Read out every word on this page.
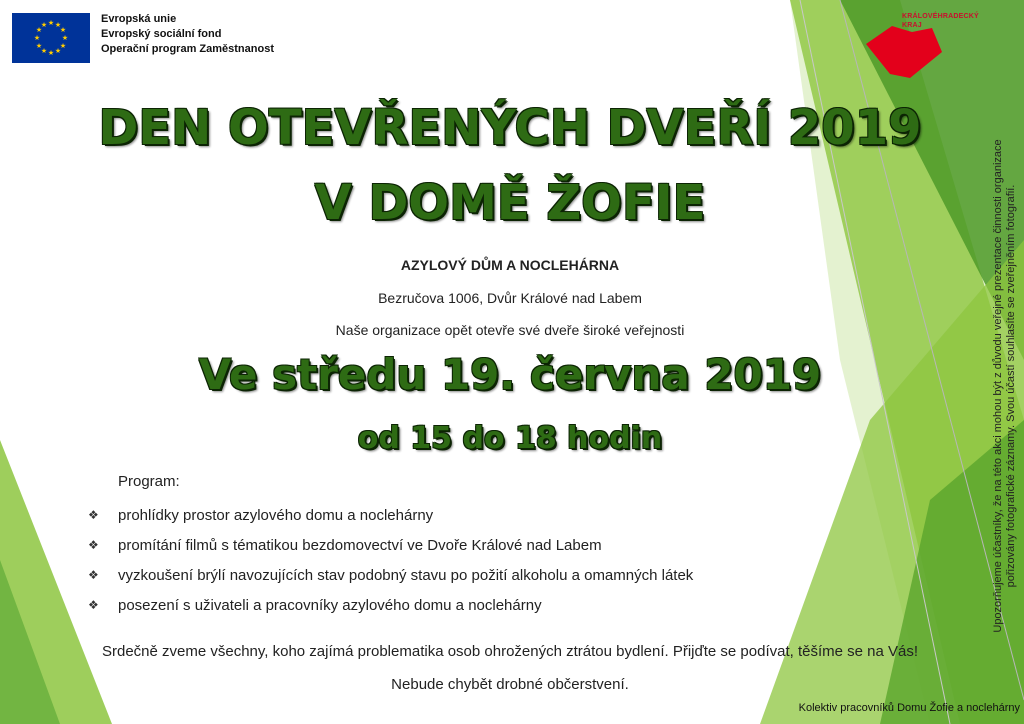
★ ★
★
★
★
★
★
★
★
★
★
★	Evropská unie
Evropský sociální fond
Operační program Zaměstnanost
KRÁLOVÉHRADECKÝ
KRAJ
DEN OTEVŘENÝCH DVEŘÍ 2019
V DOMĚ ŽOFIE
AZYLOVÝ DŮM A NOCLEHÁRNA
Bezručova 1006, Dvůr Králové nad Labem
Naše organizace opět otevře své dveře široké veřejnosti
Ve středu 19. června 2019
od 15 do 18 hodin
Program:
❖	prohlídky prostor azylového domu a noclehárny
❖	promítání filmů s tématikou bezdomovectví ve Dvoře Králové nad Labem
❖	vyzkoušení brýlí navozujících stav podobný stavu po požití alkoholu a omamných látek
❖	posezení s uživateli a pracovníky azylového domu a noclehárny
Srdečně zveme všechny, koho zajímá problematika osob ohrožených ztrátou bydlení. Přijďte se podívat, těšíme se na Vás!
Nebude chybět drobné občerstvení.
Kolektiv pracovníků Domu Žofie a noclehárny
Upozorňujeme účastníky, že na této akci mohou být z důvodu veřejné prezentace činnosti organizace pořizovány fotografické záznamy. Svou účastí souhlasíte se zveřejněním fotografií.
